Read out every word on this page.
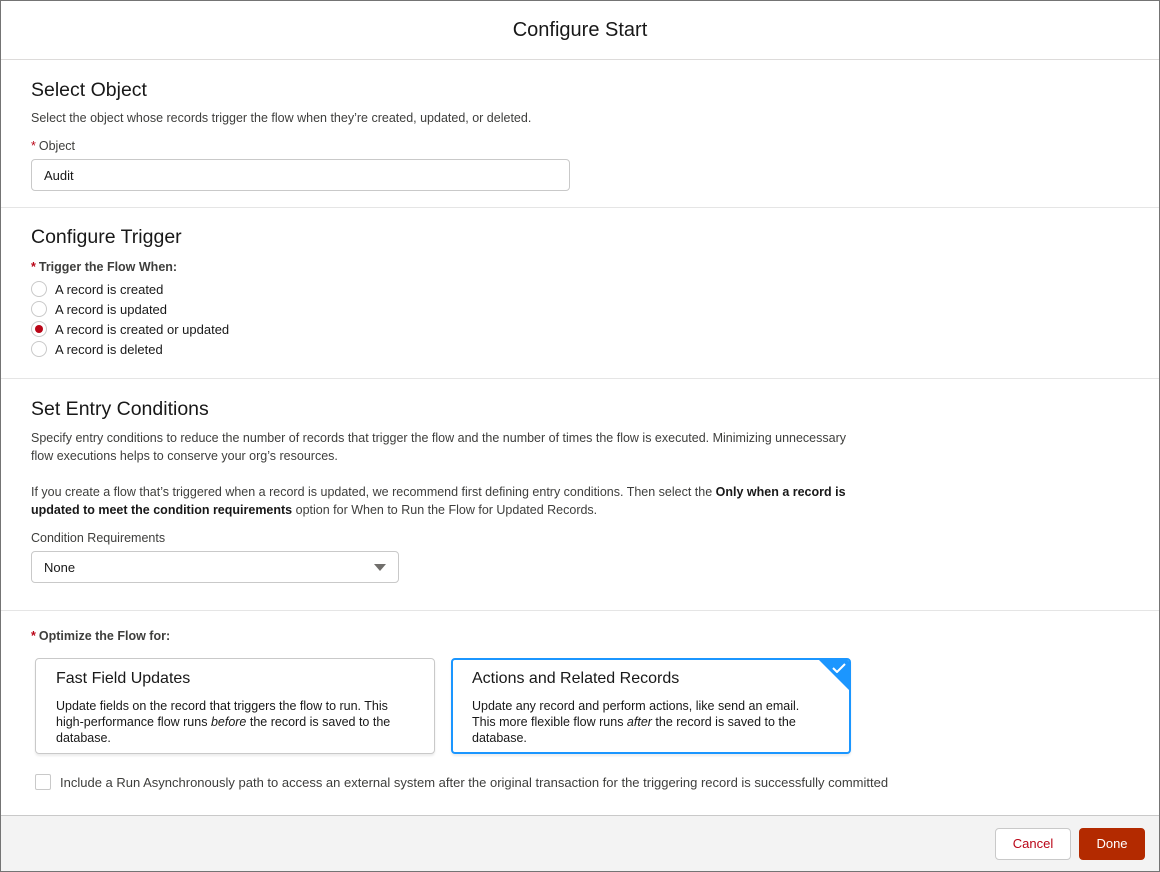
Configure Start
Select Object

Select the object whose records trigger the flow when they’re created, updated, or deleted.

* Object
Audit
Configure Trigger
* Trigger the Flow When:
A record is created
A record is updated
A record is created or updated
A record is deleted
Set Entry Conditions

Specify entry conditions to reduce the number of records that trigger the flow and the number of times the flow is executed. Minimizing unnecessary flow executions helps to conserve your org’s resources.

If you create a flow that’s triggered when a record is updated, we recommend first defining entry conditions. Then select the Only when a record is updated to meet the condition requirements option for When to Run the Flow for Updated Records.

Condition Requirements
None
* Optimize the Flow for:
Fast Field Updates
Update fields on the record that triggers the flow to run. This high-performance flow runs before the record is saved to the database.
Actions and Related Records
Update any record and perform actions, like send an email. This more flexible flow runs after the record is saved to the database.
Include a Run Asynchronously path to access an external system after the original transaction for the triggering record is successfully committed
Cancel	Done
